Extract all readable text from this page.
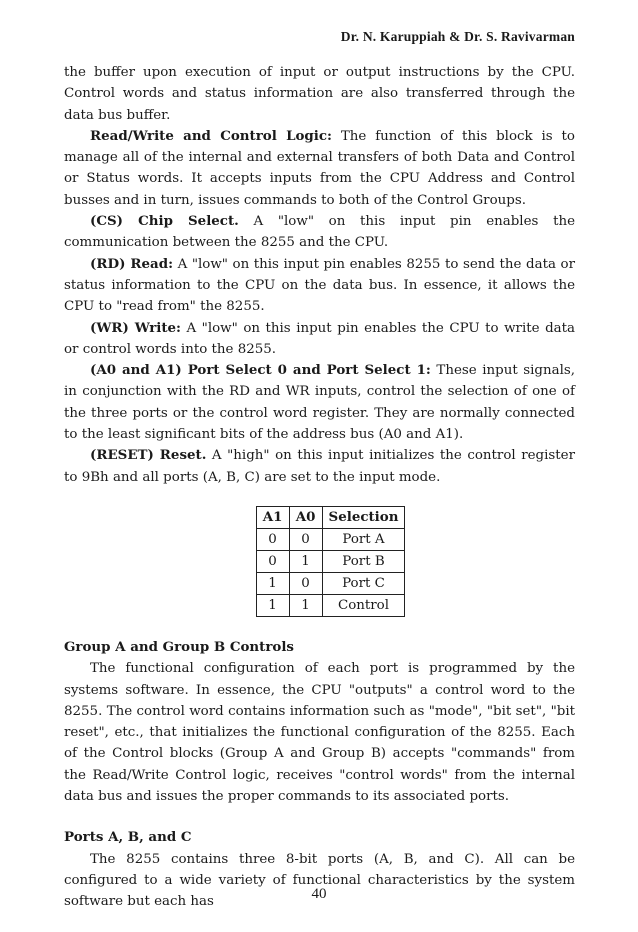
Dr. N. Karuppiah & Dr. S. Ravivarman

the buffer upon execution of input or output instructions by the CPU. Control words and status information are also transferred through the data bus buffer.

Read/Write and Control Logic: The function of this block is to manage all of the internal and external transfers of both Data and Control or Status words. It accepts inputs from the CPU Address and Control busses and in turn, issues commands to both of the Control Groups.

(CS) Chip Select. A "low" on this input pin enables the communication between the 8255 and the CPU.

(RD) Read: A "low" on this input pin enables 8255 to send the data or status information to the CPU on the data bus. In essence, it allows the CPU to "read from" the 8255.

(WR) Write: A "low" on this input pin enables the CPU to write data or control words into the 8255.

(A0 and A1) Port Select 0 and Port Select 1: These input signals, in conjunction with the RD and WR inputs, control the selection of one of the three ports or the control word register. They are normally connected to the least significant bits of the address bus (A0 and A1).

(RESET) Reset. A "high" on this input initializes the control register to 9Bh and all ports (A, B, C) are set to the input mode.

A1	A0	Selection
0	0	Port A
0	1	Port B
1	0	Port C
1	1	Control
Group A and Group B Controls

The functional configuration of each port is programmed by the systems software. In essence, the CPU "outputs" a control word to the 8255. The control word contains information such as "mode", "bit set", "bit reset", etc., that initializes the functional configuration of the 8255. Each of the Control blocks (Group A and Group B) accepts "commands" from the Read/Write Control logic, receives "control words" from the internal data bus and issues the proper commands to its associated ports.

Ports A, B, and C

The 8255 contains three 8-bit ports (A, B, and C). All can be configured to a wide variety of functional characteristics by the system software but each has	40
